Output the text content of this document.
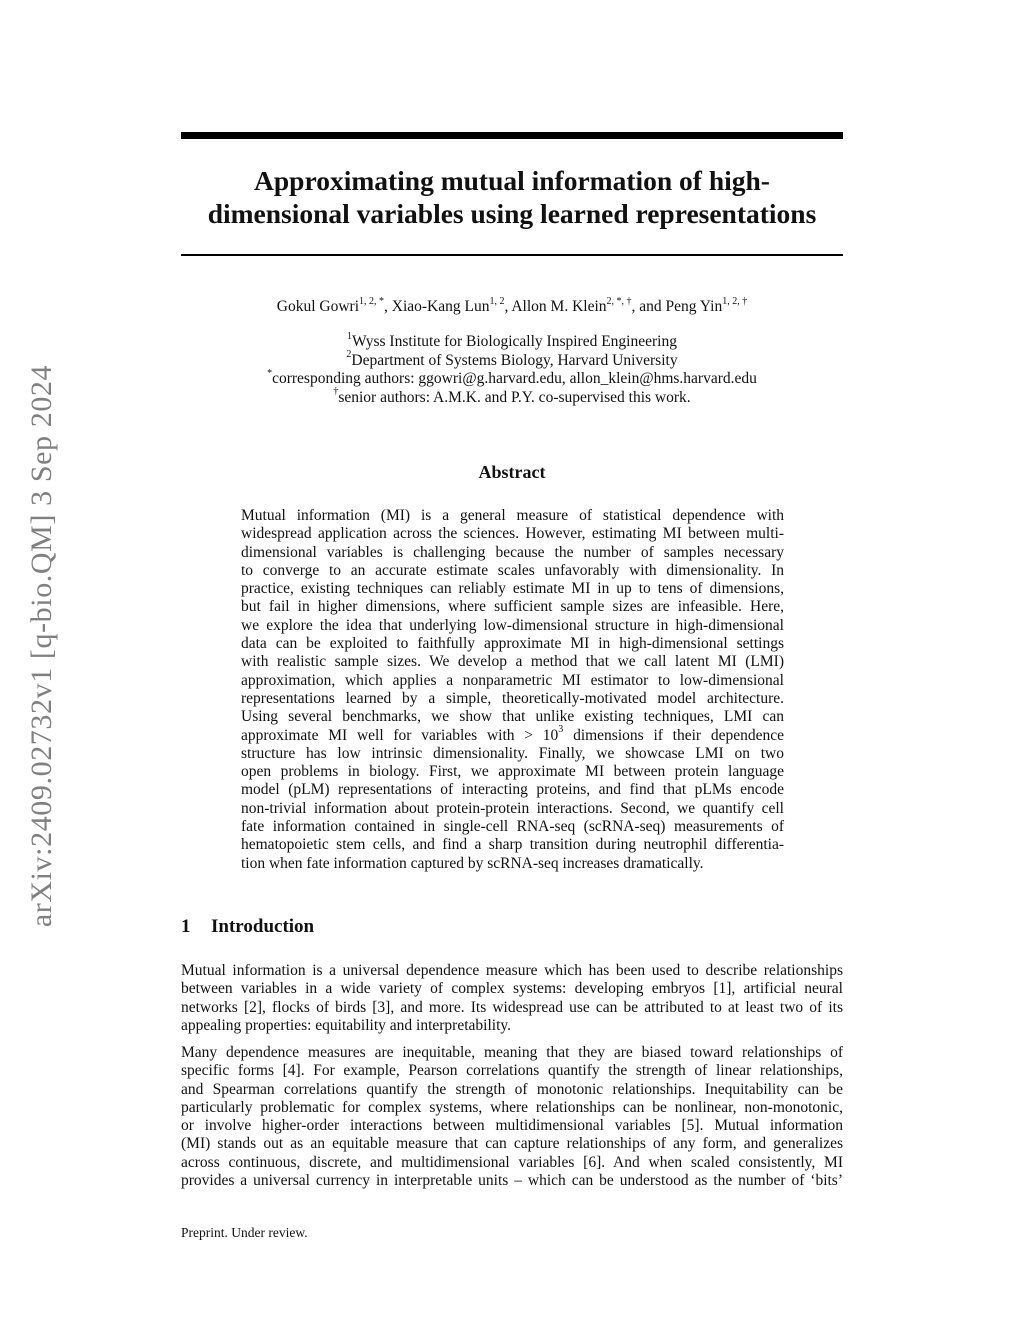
arXiv:2409.02732v1 [q-bio.QM] 3 Sep 2024
Approximating mutual information of high-
dimensional variables using learned representations
Gokul Gowri$^{1, 2, *}$, Xiao-Kang Lun$^{1, 2}$, Allon M. Klein$^{2, *, \dagger}$, and Peng Yin$^{1, 2, \dagger}$
$^1$Wyss Institute for Biologically Inspired Engineering
$^2$Department of Systems Biology, Harvard University
*corresponding authors: ggowri@g.harvard.edu, allon_klein@hms.harvard.edu
†senior authors: A.M.K. and P.Y. co-supervised this work.
Abstract
Mutual information (MI) is a general measure of statistical dependence with
widespread application across the sciences. However, estimating MI between multi-
dimensional variables is challenging because the number of samples necessary
to converge to an accurate estimate scales unfavorably with dimensionality. In
practice, existing techniques can reliably estimate MI in up to tens of dimensions,
but fail in higher dimensions, where sufficient sample sizes are infeasible. Here,
we explore the idea that underlying low-dimensional structure in high-dimensional
data can be exploited to faithfully approximate MI in high-dimensional settings
with realistic sample sizes. We develop a method that we call latent MI (LMI)
approximation, which applies a nonparametric MI estimator to low-dimensional
representations learned by a simple, theoretically-motivated model architecture.
Using several benchmarks, we show that unlike existing techniques, LMI can
approximate MI well for variables with > $10^3$ dimensions if their dependence
structure has low intrinsic dimensionality. Finally, we showcase LMI on two
open problems in biology. First, we approximate MI between protein language
model (pLM) representations of interacting proteins, and find that pLMs encode
non-trivial information about protein-protein interactions. Second, we quantify cell
fate information contained in single-cell RNA-seq (scRNA-seq) measurements of
hematopoietic stem cells, and find a sharp transition during neutrophil differentia-
tion when fate information captured by scRNA-seq increases dramatically.
1 Introduction
Mutual information is a universal dependence measure which has been used to describe relationships
between variables in a wide variety of complex systems: developing embryos [1], artificial neural
networks [2], flocks of birds [3], and more. Its widespread use can be attributed to at least two of its
appealing properties: equitability and interpretability.
Many dependence measures are inequitable, meaning that they are biased toward relationships of
specific forms [4]. For example, Pearson correlations quantify the strength of linear relationships,
and Spearman correlations quantify the strength of monotonic relationships. Inequitability can be
particularly problematic for complex systems, where relationships can be nonlinear, non-monotonic,
or involve higher-order interactions between multidimensional variables [5]. Mutual information
(MI) stands out as an equitable measure that can capture relationships of any form, and generalizes
across continuous, discrete, and multidimensional variables [6]. And when scaled consistently, MI
provides a universal currency in interpretable units – which can be understood as the number of ‘bits’
Preprint. Under review.
